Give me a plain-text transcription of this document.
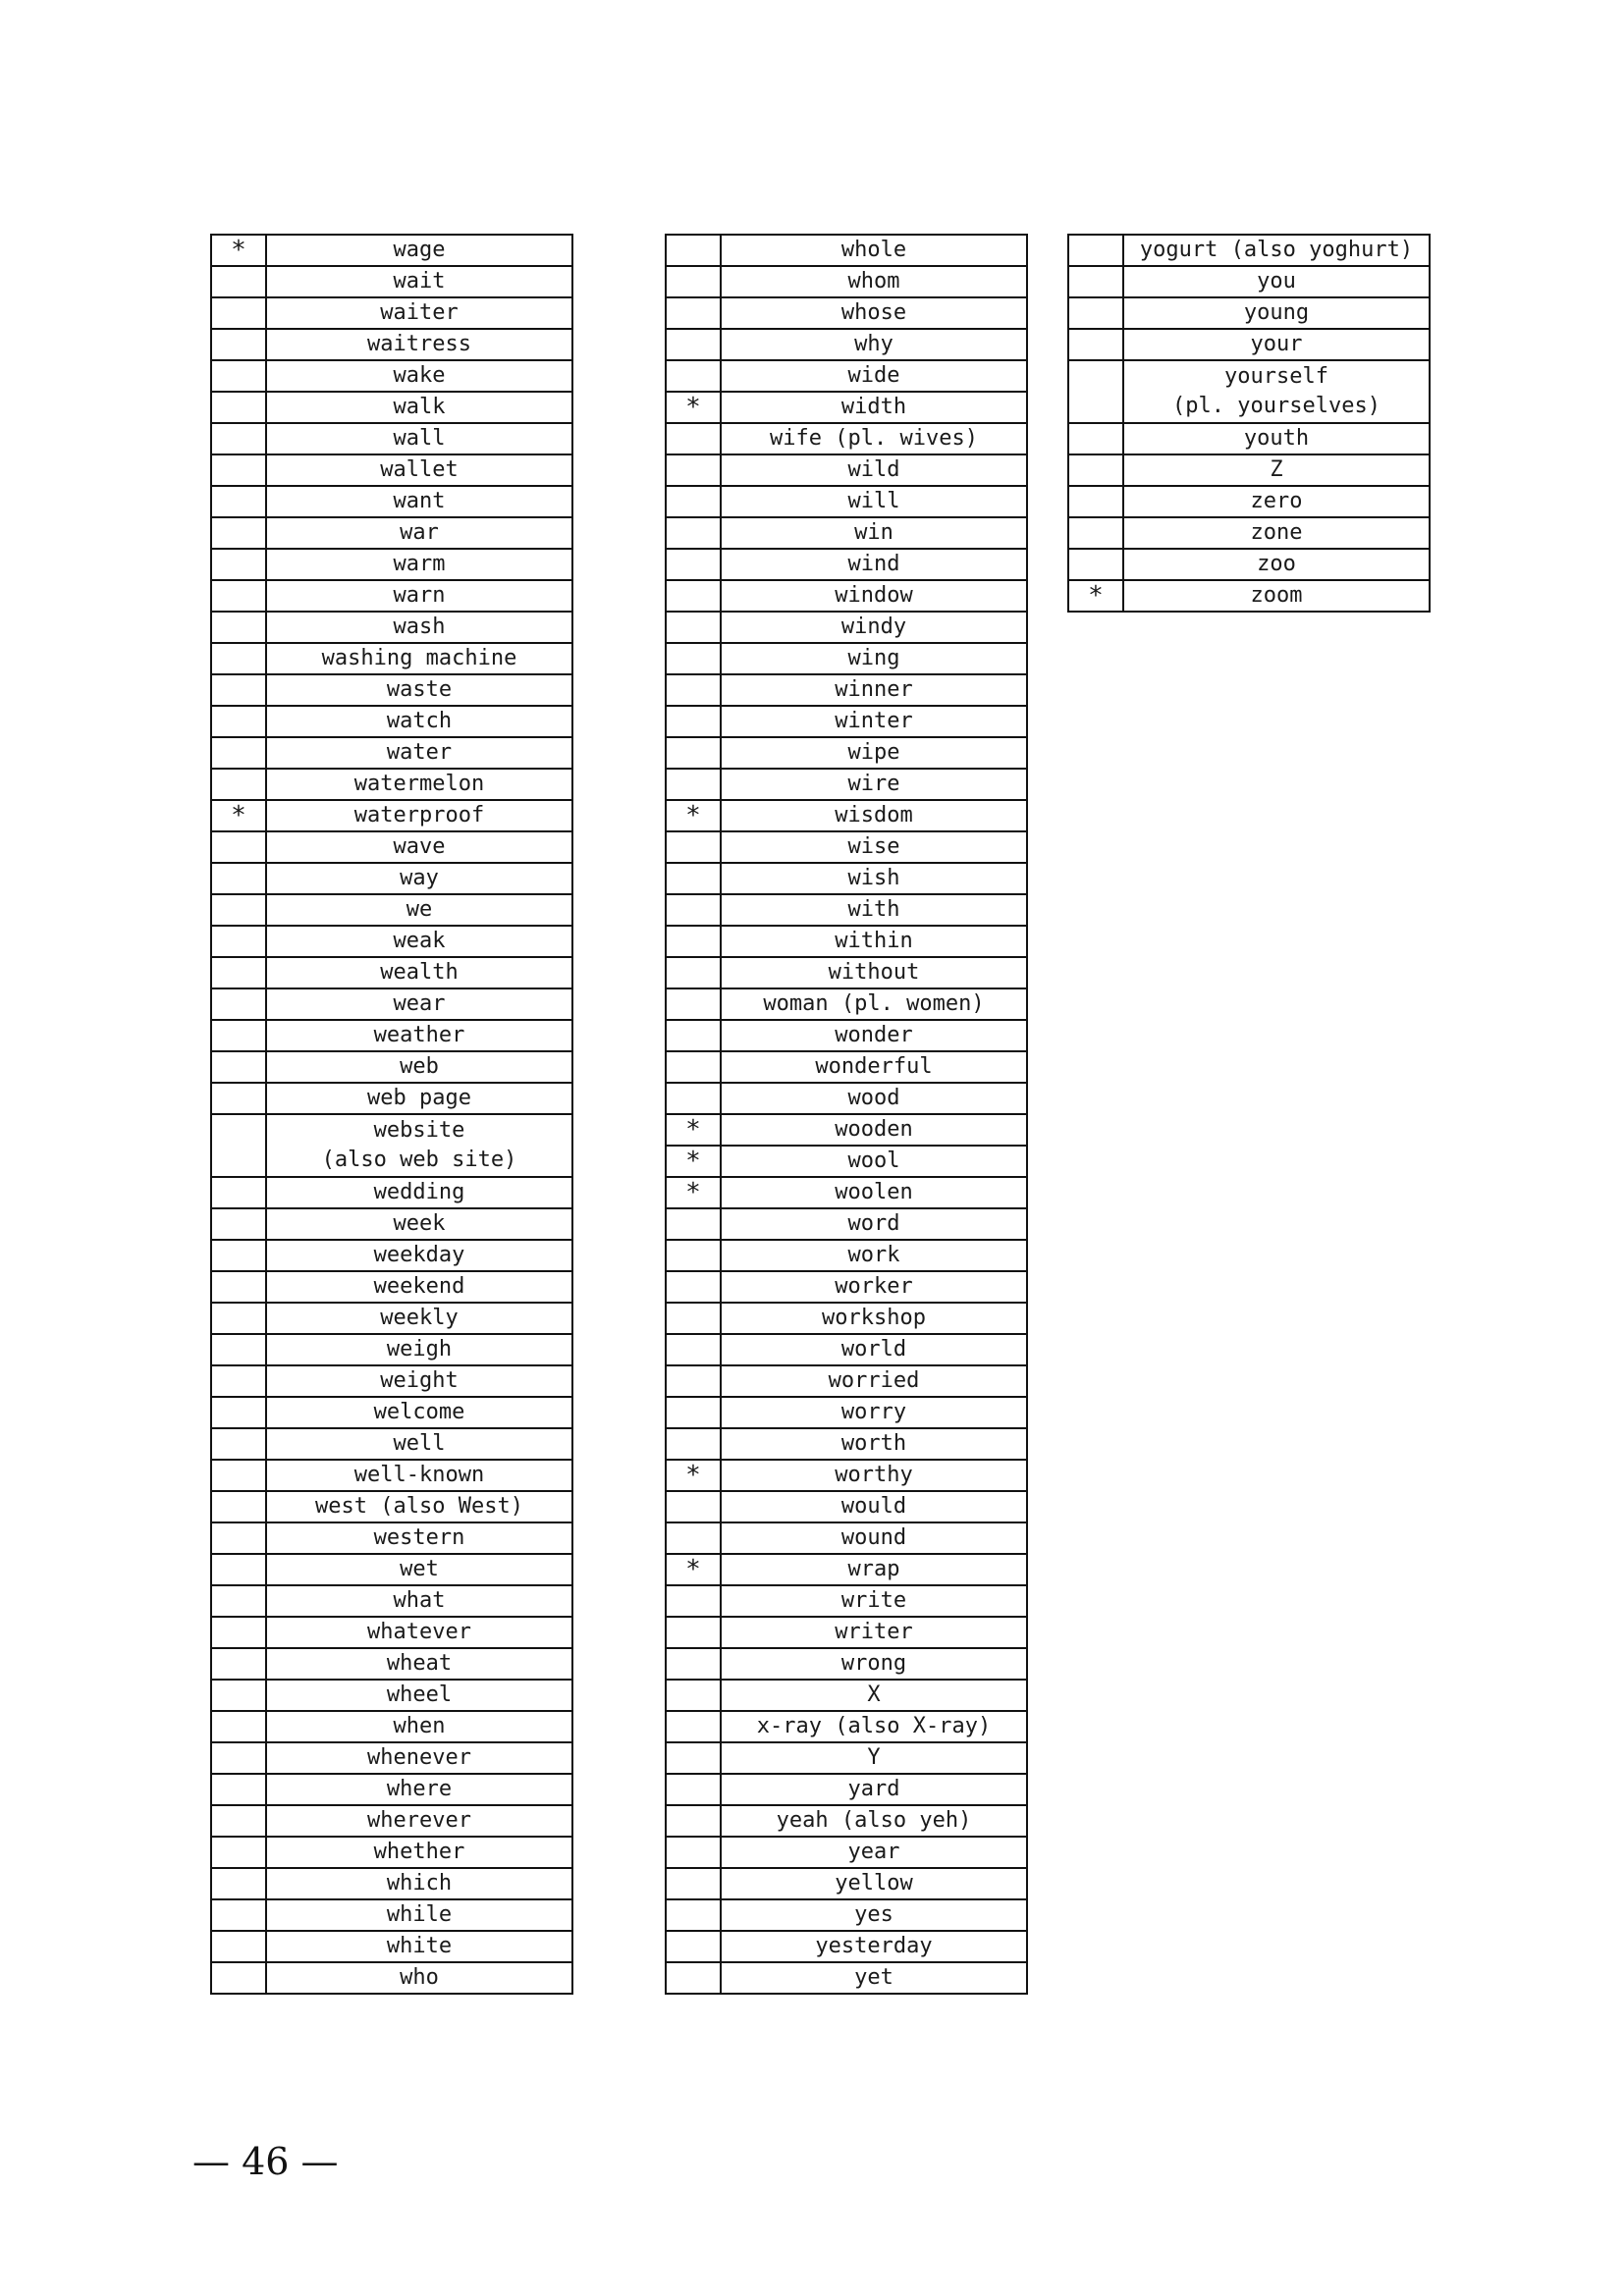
*	wage

	wait

	waiter

	waitress

	wake

	walk

	wall

	wallet

	want

	war

	warm

	warn

	wash

	washing machine

	waste

	watch

	water

	watermelon

*	waterproof

	wave

	way

	we

	weak

	wealth

	wear

	weather

	web

	web page

	website
(also web site)

	wedding

	week

	weekday

	weekend

	weekly

	weigh

	weight

	welcome

	well

	well-known

	west (also West)

	western

	wet

	what

	whatever

	wheat

	wheel

	when

	whenever

	where

	wherever

	whether

	which

	while

	white

	who

	whole

	whom

	whose

	why

	wide

*	width

	wife (pl. wives)

	wild

	will

	win

	wind

	window

	windy

	wing

	winner

	winter

	wipe

	wire

*	wisdom

	wise

	wish

	with

	within

	without

	woman (pl. women)

	wonder

	wonderful

	wood

*	wooden

*	wool

*	woolen

	word

	work

	worker

	workshop

	world

	worried

	worry

	worth

*	worthy

	would

	wound

*	wrap

	write

	writer

	wrong

	X

	x-ray (also X-ray)

	Y

	yard

	yeah (also yeh)

	year

	yellow

	yes

	yesterday

	yet

	yogurt (also yoghurt)

	you

	young

	your

	yourself
(pl. yourselves)

	youth

	Z

	zero

	zone

	zoo

*	zoom
— 46 —
